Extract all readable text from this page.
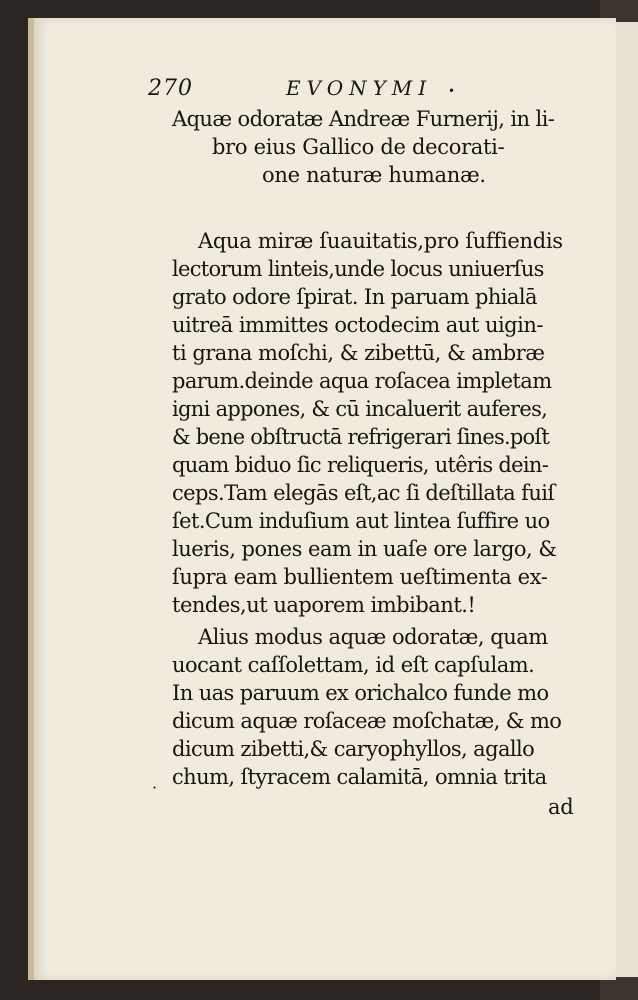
270	EVONYMI •
Aquæ odoratæ Andreæ Furnerij, in li-
bro eius Gallico de decorati-
one naturæ humanæ.
Aqua miræ ſuauitatis,pro ſuffiendis
lectorum linteis,unde locus uniuerſus
grato odore ſpirat. In paruam phialā
uitreā immittes octodecim aut uigin-
ti grana moſchi, & zibettū, & ambræ
parum.deinde aqua roſacea impletam
igni appones, & cū incaluerit auferes,
& bene obſtructā refrigerari ſines.poſt
quam biduo ſic reliqueris, utêris dein-
ceps.Tam elegās eſt,ac ſi deſtillata fuiſ
ſet.Cum induſium aut lintea ſuffire uo
lueris, pones eam in uaſe ore largo, &
ſupra eam bullientem ueſtimenta ex-
tendes,ut uaporem imbibant.!
Alius modus aquæ odoratæ, quam
uocant caſſolettam, id eſt capſulam.
In uas paruum ex orichalco funde mo
dicum aquæ roſaceæ moſchatæ, & mo
dicum zibetti,& caryophyllos, agallo
chum, ſtyracem calamitā, omnia trita
ad
·
